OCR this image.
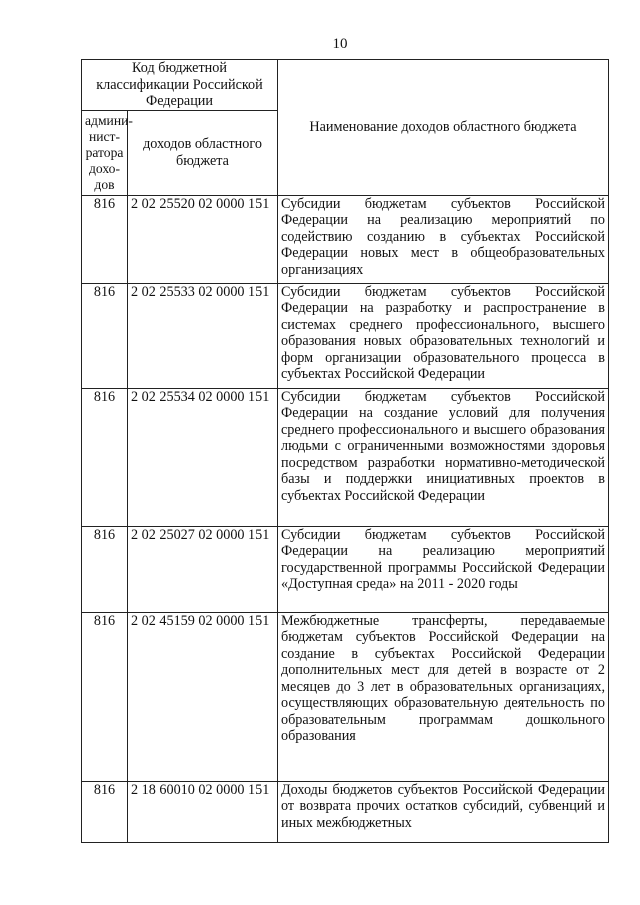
10
Код бюджетной классификации Российской Федерации		Наименование доходов областного бюджета
админи-нист-ратора дохо-дов	доходов областного бюджета	
816	2 02 25520 02 0000 151	Субсидии бюджетам субъектов Российской Федерации на реализацию мероприятий по содействию созданию в субъектах Российской Федерации новых мест в общеобразовательных организациях
816	2 02 25533 02 0000 151	Субсидии бюджетам субъектов Российской Федерации на разработку и распространение в системах среднего профессионального, высшего образования новых образовательных технологий и форм организации образовательного процесса в субъектах Российской Федерации
816	2 02 25534 02 0000 151	Субсидии бюджетам субъектов Российской Федерации на создание условий для получения среднего профессионального и высшего образования людьми с ограниченными возможностями здоровья посредством разработки нормативно-методической базы и поддержки инициативных проектов в субъектах Российской Федерации
816	2 02 25027 02 0000 151	Субсидии бюджетам субъектов Российской Федерации на реализацию мероприятий государственной программы Российской Федерации «Доступная среда» на 2011 - 2020 годы
816	2 02 45159 02 0000 151	Межбюджетные трансферты, передаваемые бюджетам субъектов Российской Федерации на создание в субъектах Российской Федерации дополнительных мест для детей в возрасте от 2 месяцев до 3 лет в образовательных организациях, осуществляющих образовательную деятельность по образовательным программам дошкольного образования
816	2 18 60010 02 0000 151	Доходы бюджетов субъектов Российской Федерации от возврата прочих остатков субсидий, субвенций и иных межбюджетных
